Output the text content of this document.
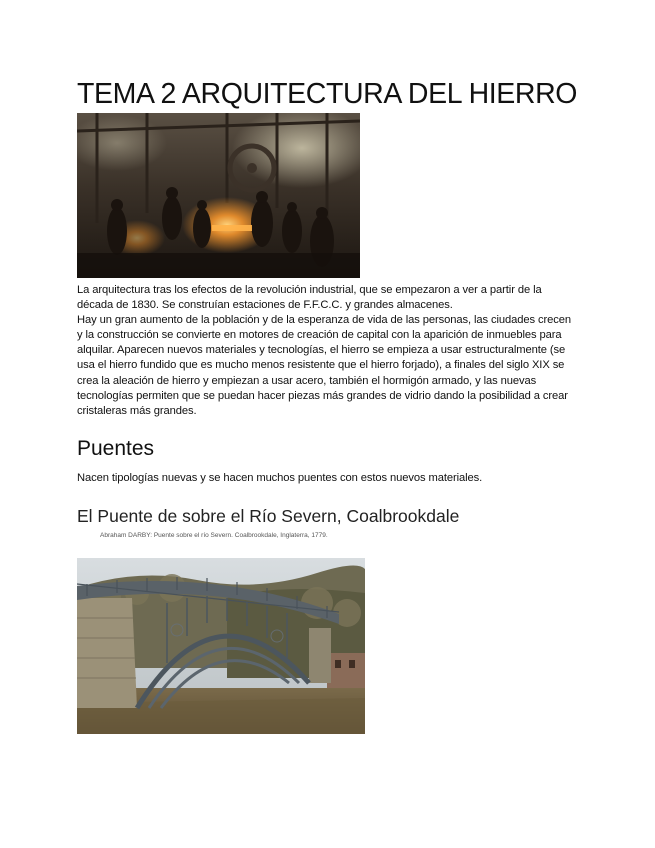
TEMA 2 ARQUITECTURA DEL HIERRO

La arquitectura tras los efectos de la revolución industrial, que se empezaron a ver a partir de la década de 1830. Se construían estaciones de F.F.C.C. y grandes almacenes.
Hay un gran aumento de la población y de la esperanza de vida de las personas, las ciudades crecen y la construcción se convierte en motores de creación de capital con la aparición de inmuebles para alquilar. Aparecen nuevos materiales y tecnologías, el hierro se empieza a usar estructuralmente (se usa el hierro fundido que es mucho menos resistente que el hierro forjado), a finales del siglo XIX se crea la aleación de hierro y empiezan a usar acero, también el hormigón armado, y las nuevas tecnologías permiten que se puedan hacer piezas más grandes de vidrio dando la posibilidad a crear cristaleras más grandes.

Puentes

Nacen tipologías nuevas y se hacen muchos puentes con estos nuevos materiales.

El Puente de sobre el Río Severn, Coalbrookdale

Abraham DARBY: Puente sobre el río Severn. Coalbrookdale, Inglaterra, 1779.
